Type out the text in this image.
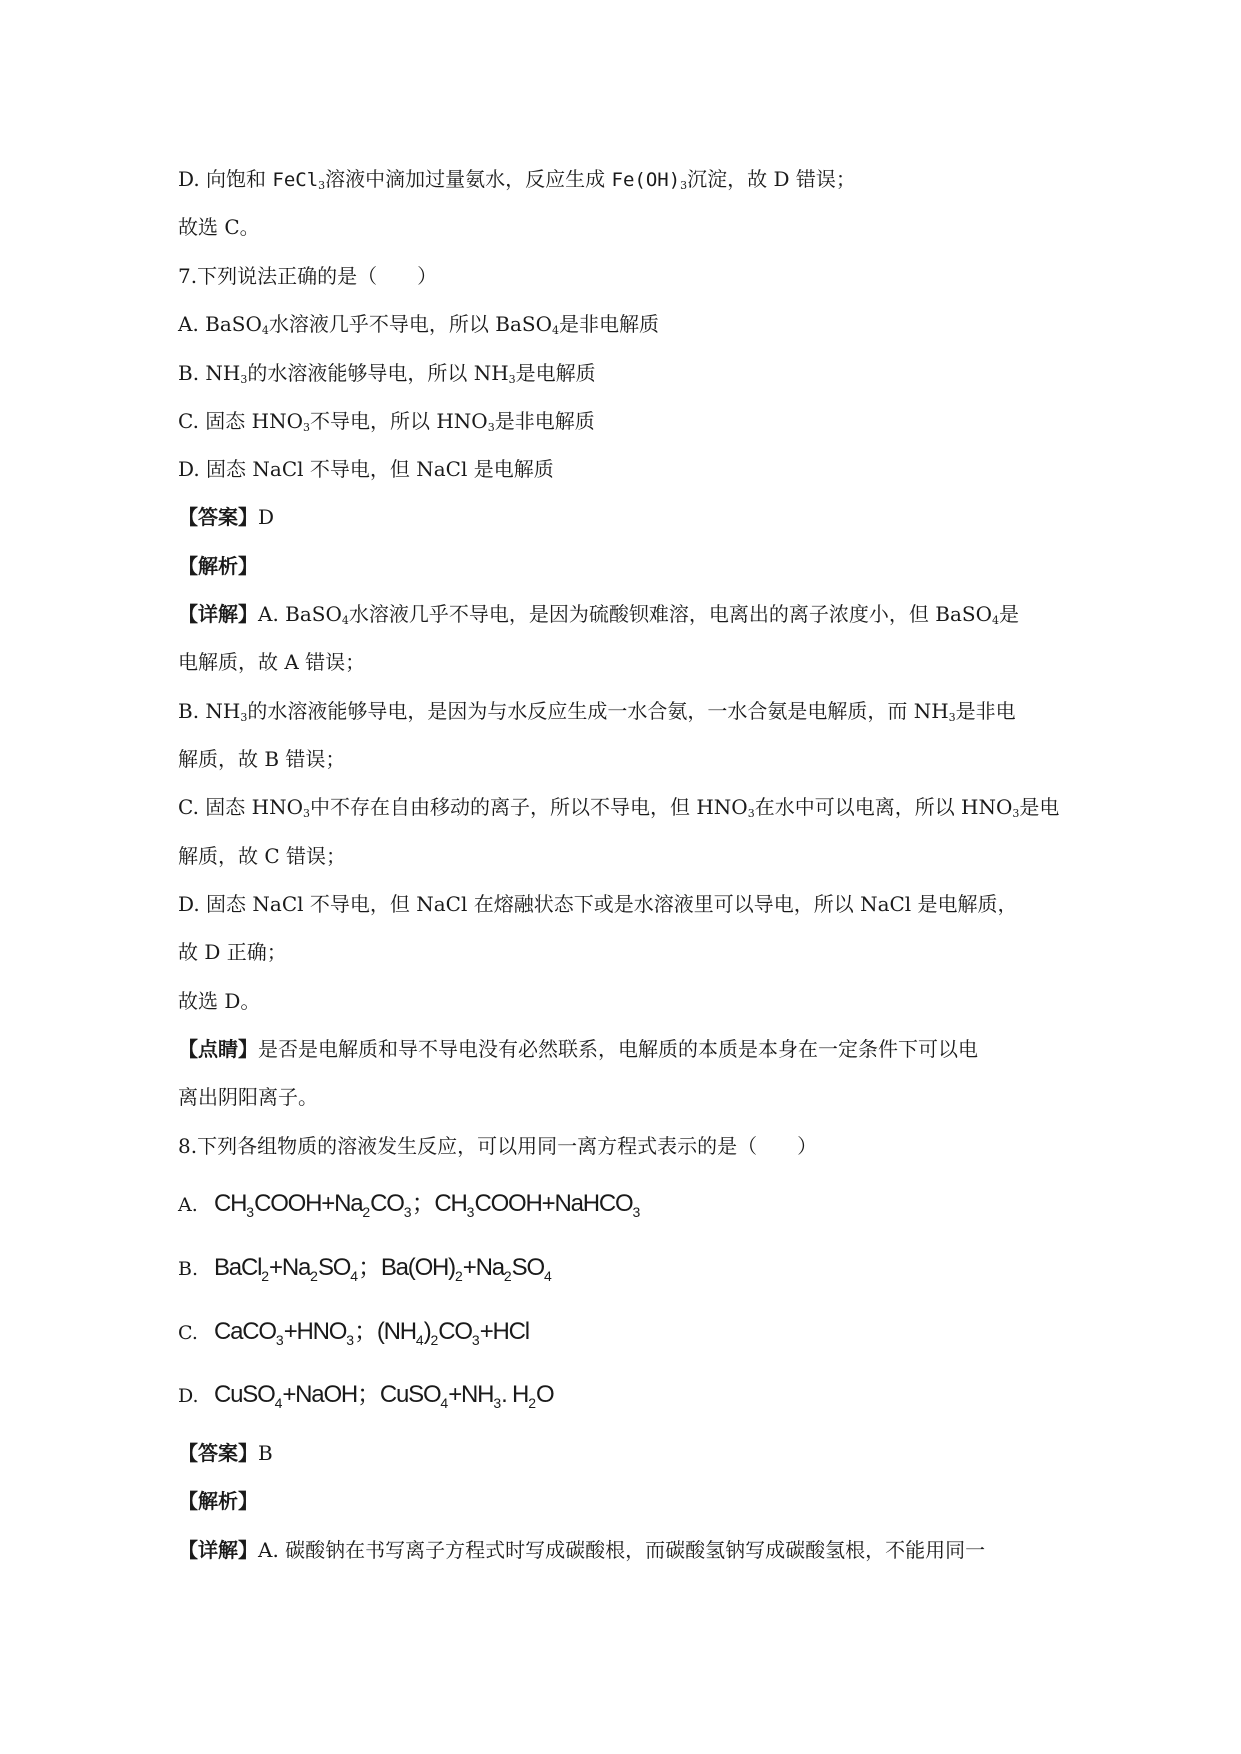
D. 向饱和 FeCl$_3$溶液中滴加过量氨水，反应生成 $Fe(OH)_3$沉淀，故 D 错误；
故选 C。
7.下列说法正确的是（　　）
A. BaSO$_4$水溶液几乎不导电，所以 BaSO$_4$是非电解质
B. $NH_3$的水溶液能够导电，所以 $NH_3$是电解质
C. 固态 $HNO_3$不导电，所以 $HNO_3$是非电解质
D. 固态 NaCl 不导电，但 NaCl 是电解质
【答案】D
【解析】
【详解】A. BaSO$_4$水溶液几乎不导电，是因为硫酸钡难溶，电离出的离子浓度小，但 BaSO$_4$是
电解质，故 A 错误；
B. $NH_3$的水溶液能够导电，是因为与水反应生成一水合氨，一水合氨是电解质，而 $NH_3$是非电
解质，故 B 错误；
C. 固态 $HNO_3$中不存在自由移动的离子，所以不导电，但 $HNO_3$在水中可以电离，所以 $HNO_3$是电
解质，故 C 错误；
D. 固态 NaCl 不导电，但 NaCl 在熔融状态下或是水溶液里可以导电，所以 NaCl 是电解质，
故 D 正确；
故选 D。
【点睛】是否是电解质和导不导电没有必然联系，电解质的本质是本身在一定条件下可以电
离出阴阳离子。
8.下列各组物质的溶液发生反应，可以用同一离方程式表示的是（　　）
A. $CH_3COOH+Na_2CO_3$；$CH_3COOH+NaHCO_3$
B. $BaCl_2+Na_2SO_4$；$Ba(OH)_2+Na_2SO_4$
C. $CaCO_3+HNO_3$；$(NH_4)_2CO_3+HCl$
D. CuSO$_4$+NaOH；$CuSO_4+NH_3$. $H_2O$
【答案】B
【解析】
【详解】A. 碳酸钠在书写离子方程式时写成碳酸根，而碳酸氢钠写成碳酸氢根，不能用同一
